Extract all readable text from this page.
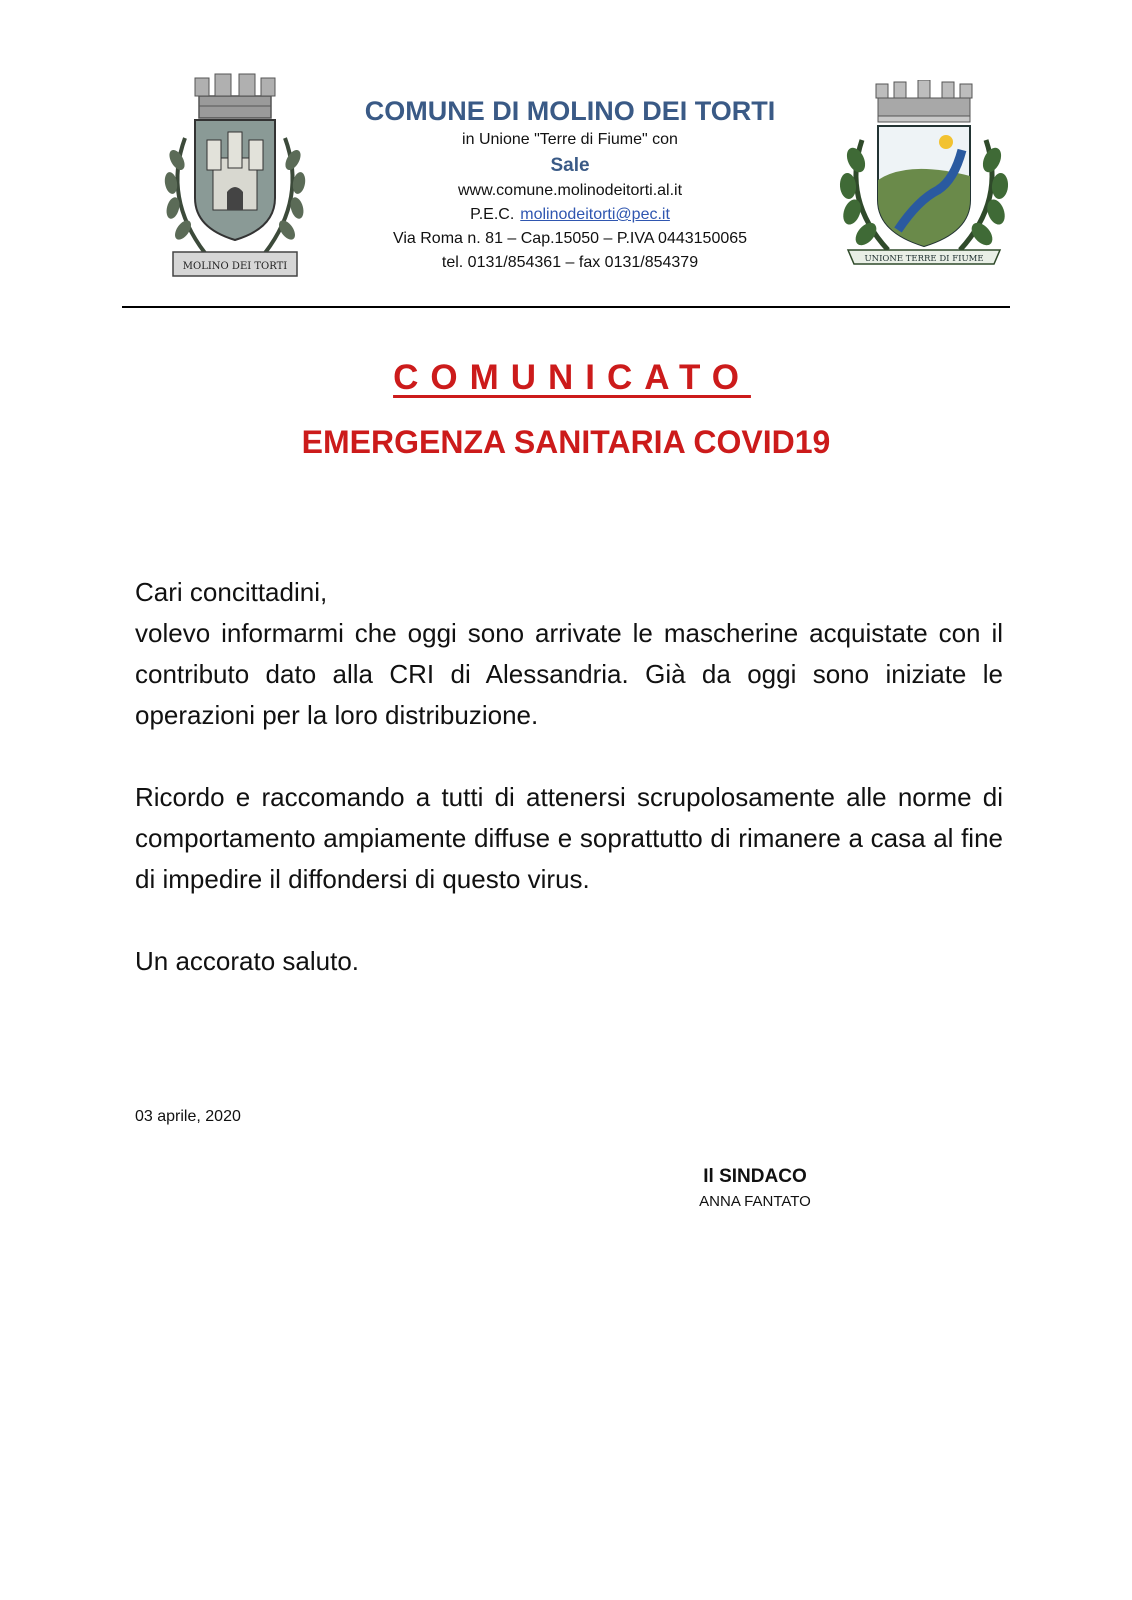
MOLINO DEI TORTI
COMUNE DI MOLINO DEI TORTI
in Unione "Terre di Fiume" con
Sale
www.comune.molinodeitorti.al.it
P.E.C. molinodeitorti@pec.it
Via Roma n. 81 – Cap.15050 – P.IVA 0443150065
tel. 0131/854361 – fax 0131/854379	UNIONE TERRE DI FIUME
COMUNICATO
EMERGENZA SANITARIA COVID19

Cari concittadini,

volevo informarmi che oggi sono arrivate le mascherine acquistate con il contributo dato alla CRI di Alessandria. Già da oggi sono iniziate le operazioni per la loro distribuzione.

Ricordo e raccomando a tutti di attenersi scrupolosamente alle norme di comportamento ampiamente diffuse e soprattutto di rimanere a casa al fine di impedire il diffondersi di questo virus.

Un accorato saluto.

03 aprile, 2020
Il SINDACO
ANNA FANTATO
